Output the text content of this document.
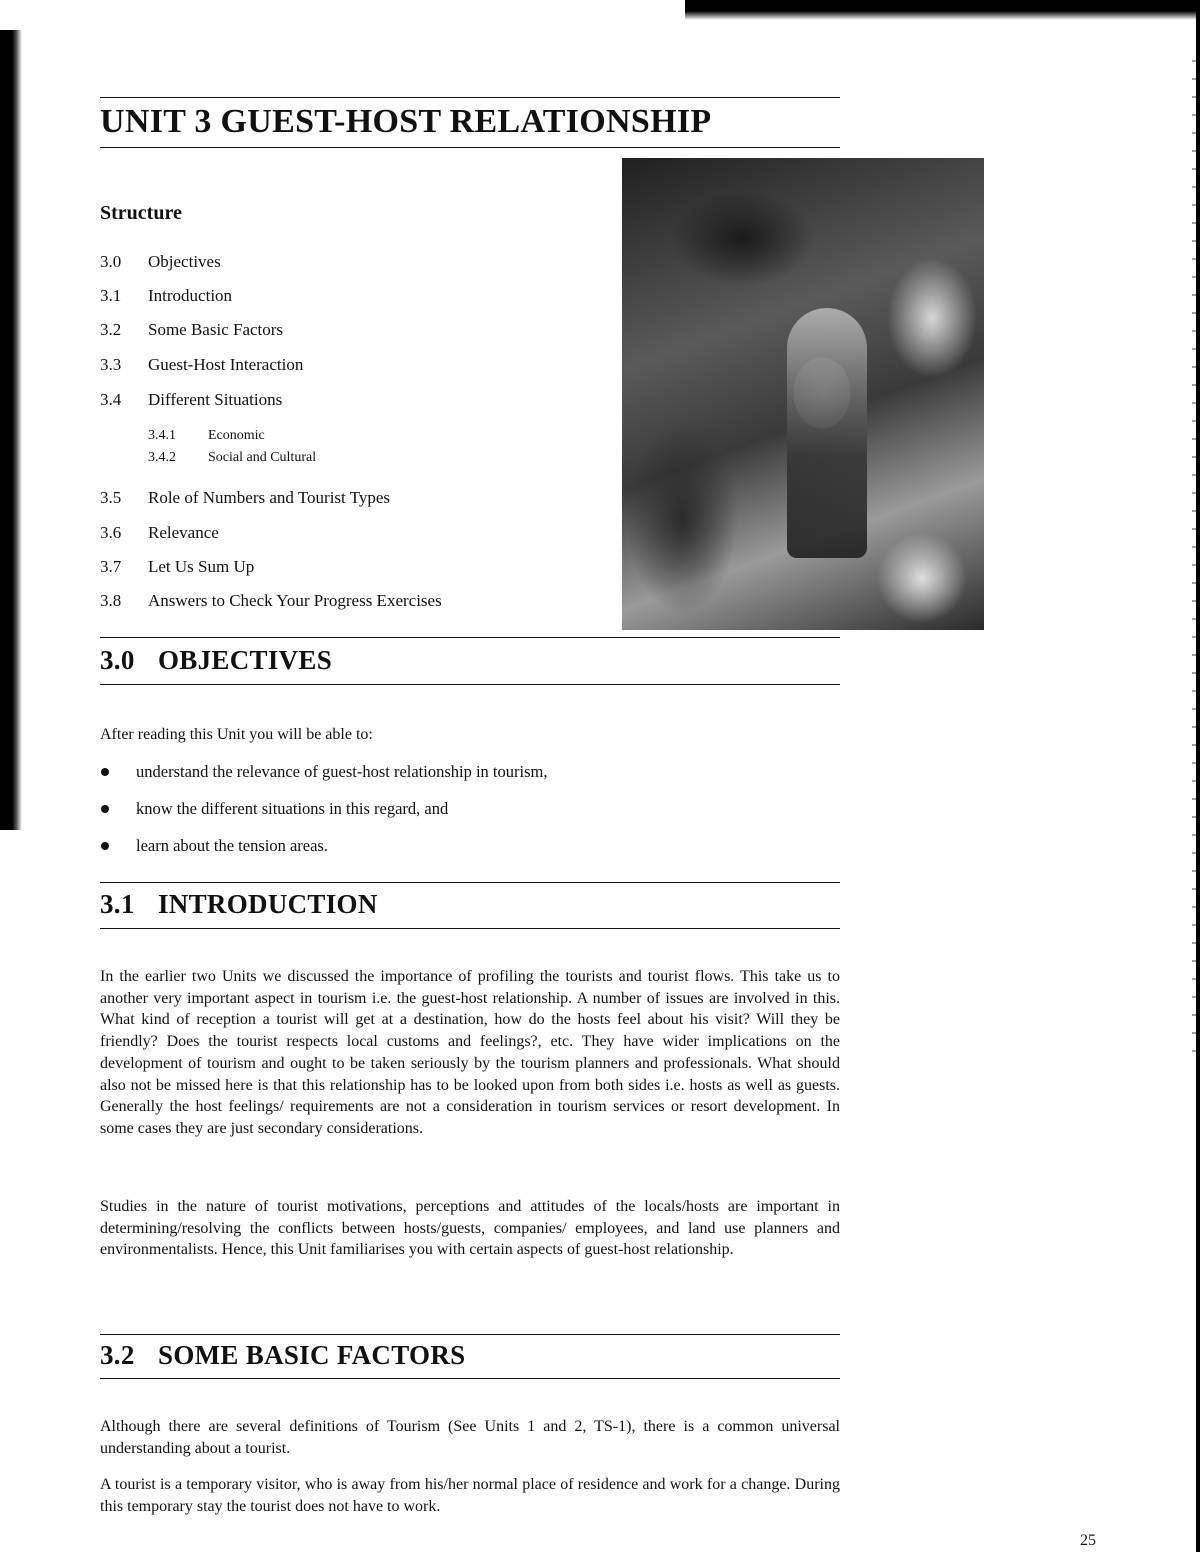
UNIT 3 GUEST-HOST RELATIONSHIP
Structure
3.0 Objectives
3.1 Introduction
3.2 Some Basic Factors
3.3 Guest-Host Interaction
3.4 Different Situations
3.4.1 Economic
3.4.2 Social and Cultural
3.5 Role of Numbers and Tourist Types
3.6 Relevance
3.7 Let Us Sum Up
3.8 Answers to Check Your Progress Exercises
3.0 OBJECTIVES

After reading this Unit you will be able to:

understand the relevance of guest-host relationship in tourism,
know the different situations in this regard, and
learn about the tension areas.
3.1 INTRODUCTION

In the earlier two Units we discussed the importance of profiling the tourists and tourist flows. This take us to another very important aspect in tourism i.e. the guest-host relationship. A number of issues are involved in this. What kind of reception a tourist will get at a destination, how do the hosts feel about his visit? Will they be friendly? Does the tourist respects local customs and feelings?, etc. They have wider implications on the development of tourism and ought to be taken seriously by the tourism planners and professionals. What should also not be missed here is that this relationship has to be looked upon from both sides i.e. hosts as well as guests. Generally the host feelings/ requirements are not a consideration in tourism services or resort development. In some cases they are just secondary considerations.

Studies in the nature of tourist motivations, perceptions and attitudes of the locals/hosts are important in determining/resolving the conflicts between hosts/guests, companies/ employees, and land use planners and environmentalists. Hence, this Unit familiarises you with certain aspects of guest-host relationship.

3.2 SOME BASIC FACTORS

Although there are several definitions of Tourism (See Units 1 and 2, TS-1), there is a common universal understanding about a tourist.

A tourist is a temporary visitor, who is away from his/her normal place of residence and work for a change. During this temporary stay the tourist does not have to work.

25
